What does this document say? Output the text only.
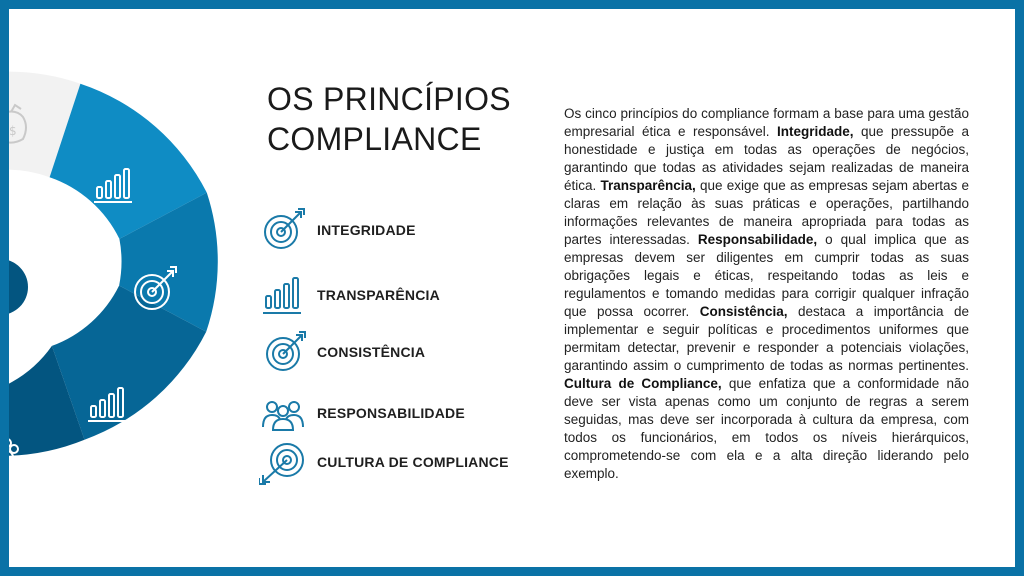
$
OS PRINCÍPIOS
COMPLIANCE
INTEGRIDADE
TRANSPARÊNCIA
CONSISTÊNCIA
RESPONSABILIDADE
CULTURA DE COMPLIANCE

Os cinco princípios do compliance formam a base para uma gestão empresarial ética e responsável. Integridade, que pressupõe a honestidade e justiça em todas as operações de negócios, garantindo que todas as atividades sejam realizadas de maneira ética. Transparência, que exige que as empresas sejam abertas e claras em relação às suas práticas e operações, partilhando informações relevantes de maneira apropriada para todas as partes interessadas. Responsabilidade, o qual implica que as empresas devem ser diligentes em cumprir todas as suas obrigações legais e éticas, respeitando todas as leis e regulamentos e tomando medidas para corrigir qualquer infração que possa ocorrer. Consistência, destaca a importância de implementar e seguir políticas e procedimentos uniformes que permitam detectar, prevenir e responder a potenciais violações, garantindo assim o cumprimento de todas as normas pertinentes. Cultura de Compliance, que enfatiza que a conformidade não deve ser vista apenas como um conjunto de regras a serem seguidas, mas deve ser incorporada à cultura da empresa, com todos os funcionários, em todos os níveis hierárquicos, comprometendo-se com ela e a alta direção liderando pelo exemplo.
